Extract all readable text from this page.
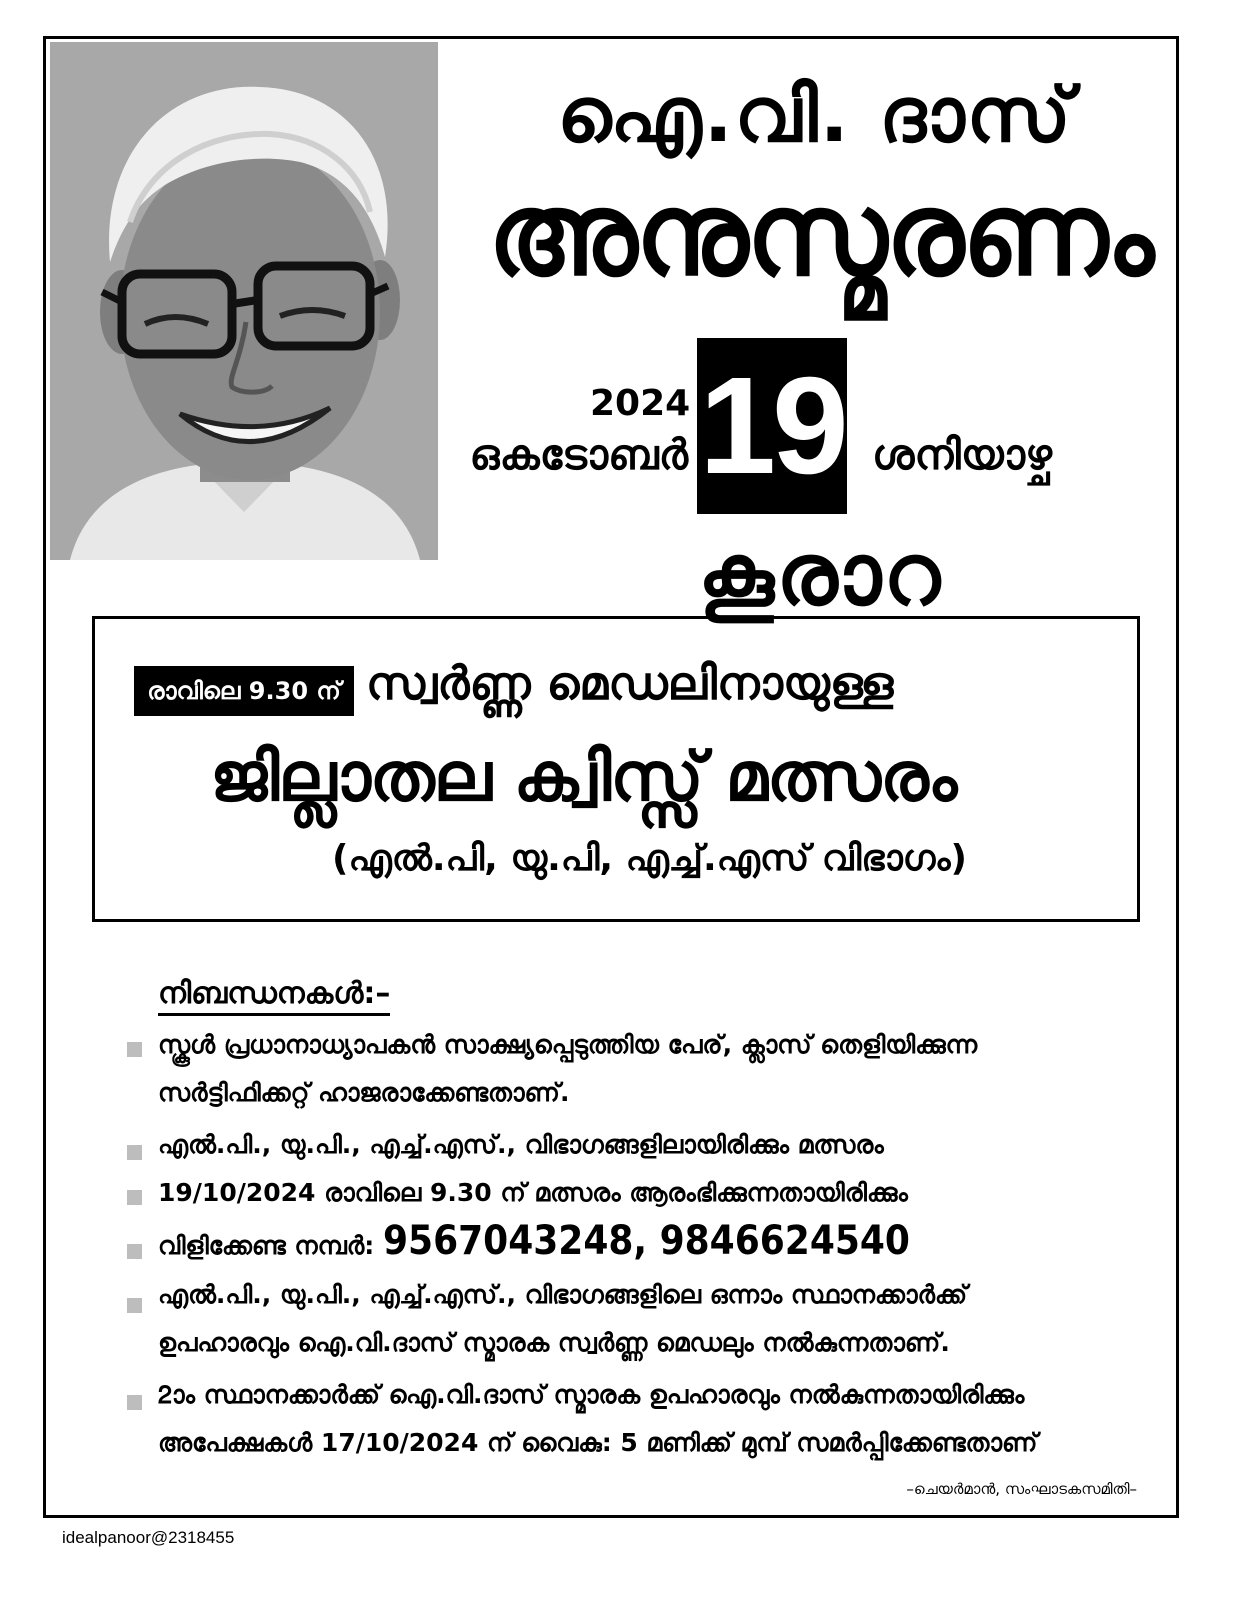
ഐ.വി. ദാസ്
അനുസ്മരണം
2024
ഒകടോബർ 19 ശനിയാഴ്ച
കൂരാറ
രാവിലെ 9.30 ന് സ്വർണ്ണ മെഡലിനായുള്ള
ജില്ലാതല ക്വിസ്സ് മത്സരം
(എൽ.പി, യു.പി, എച്ച്.എസ് വിഭാഗം)
നിബന്ധനകൾ:–
സ്കൂൾ പ്രധാനാധ്യാപകൻ സാക്ഷ്യപ്പെടുത്തിയ പേര്, ക്ലാസ് തെളിയിക്കുന്ന
സർട്ടിഫിക്കറ്റ് ഹാജരാക്കേണ്ടതാണ്.
എൽ.പി., യു.പി., എച്ച്.എസ്., വിഭാഗങ്ങളിലായിരിക്കും മത്സരം
19/10/2024 രാവിലെ 9.30 ന് മത്സരം ആരംഭിക്കുന്നതായിരിക്കും
വിളിക്കേണ്ട നമ്പർ: 9567043248, 9846624540
എൽ.പി., യു.പി., എച്ച്.എസ്., വിഭാഗങ്ങളിലെ ഒന്നാം സ്ഥാനക്കാർക്ക്
ഉപഹാരവും ഐ.വി.ദാസ് സ്മാരക സ്വർണ്ണ മെഡലും നൽകുന്നതാണ്.
2ാം സ്ഥാനക്കാർക്ക് ഐ.വി.ദാസ് സ്മാരക ഉപഹാരവും നൽകുന്നതായിരിക്കും
അപേക്ഷകൾ 17/10/2024 ന് വൈകു: 5 മണിക്ക് മുമ്പ് സമർപ്പിക്കേണ്ടതാണ്
–ചെയർമാൻ, സംഘാടകസമിതി–
idealpanoor@2318455
